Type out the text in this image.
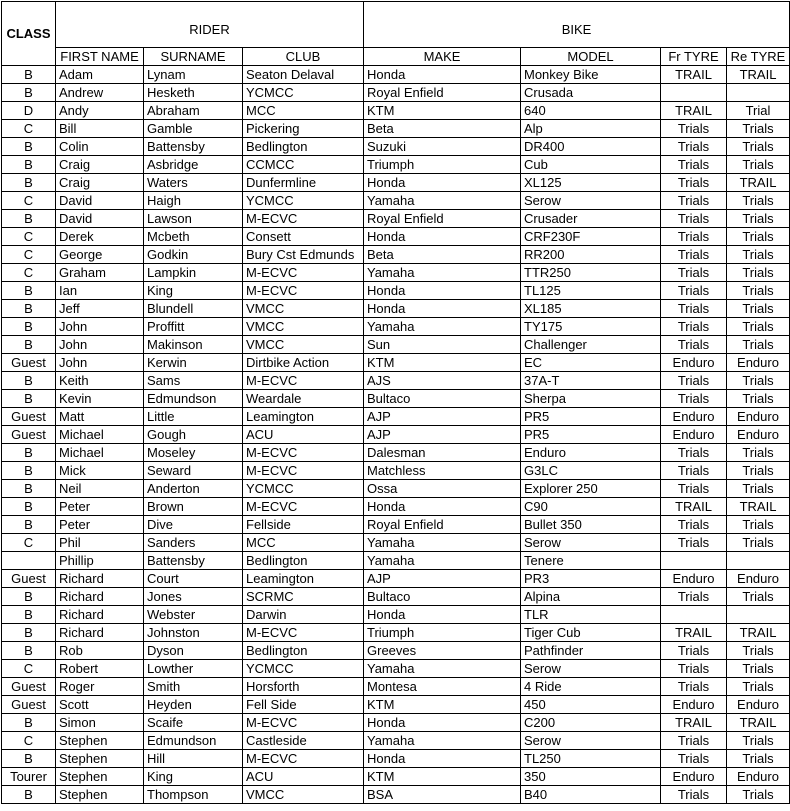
CLASS	RIDER			BIKE			
	FIRST NAME	SURNAME	CLUB	MAKE	MODEL	Fr TYRE	Re TYRE
B	Adam	Lynam	Seaton Delaval	Honda	Monkey Bike	TRAIL	TRAIL
B	Andrew	Hesketh	YCMCC	Royal Enfield	Crusada		
D	Andy	Abraham	MCC	KTM	640	TRAIL	Trial
C	Bill	Gamble	Pickering	Beta	Alp	Trials	Trials
B	Colin	Battensby	Bedlington	Suzuki	DR400	Trials	Trials
B	Craig	Asbridge	CCMCC	Triumph	Cub	Trials	Trials
B	Craig	Waters	Dunfermline	Honda	XL125	Trials	TRAIL
C	David	Haigh	YCMCC	Yamaha	Serow	Trials	Trials
B	David	Lawson	M-ECVC	Royal Enfield	Crusader	Trials	Trials
C	Derek	Mcbeth	Consett	Honda	CRF230F	Trials	Trials
C	George	Godkin	Bury Cst Edmunds	Beta	RR200	Trials	Trials
C	Graham	Lampkin	M-ECVC	Yamaha	TTR250	Trials	Trials
B	Ian	King	M-ECVC	Honda	TL125	Trials	Trials
B	Jeff	Blundell	VMCC	Honda	XL185	Trials	Trials
B	John	Proffitt	VMCC	Yamaha	TY175	Trials	Trials
B	John	Makinson	VMCC	Sun	Challenger	Trials	Trials
Guest	John	Kerwin	Dirtbike Action	KTM	EC	Enduro	Enduro
B	Keith	Sams	M-ECVC	AJS	37A-T	Trials	Trials
B	Kevin	Edmundson	Weardale	Bultaco	Sherpa	Trials	Trials
Guest	Matt	Little	Leamington	AJP	PR5	Enduro	Enduro
Guest	Michael	Gough	ACU	AJP	PR5	Enduro	Enduro
B	Michael	Moseley	M-ECVC	Dalesman	Enduro	Trials	Trials
B	Mick	Seward	M-ECVC	Matchless	G3LC	Trials	Trials
B	Neil	Anderton	YCMCC	Ossa	Explorer 250	Trials	Trials
B	Peter	Brown	M-ECVC	Honda	C90	TRAIL	TRAIL
B	Peter	Dive	Fellside	Royal Enfield	Bullet 350	Trials	Trials
C	Phil	Sanders	MCC	Yamaha	Serow	Trials	Trials
	Phillip	Battensby	Bedlington	Yamaha	Tenere		
Guest	Richard	Court	Leamington	AJP	PR3	Enduro	Enduro
B	Richard	Jones	SCRMC	Bultaco	Alpina	Trials	Trials
B	Richard	Webster	Darwin	Honda	TLR		
B	Richard	Johnston	M-ECVC	Triumph	Tiger Cub	TRAIL	TRAIL
B	Rob	Dyson	Bedlington	Greeves	Pathfinder	Trials	Trials
C	Robert	Lowther	YCMCC	Yamaha	Serow	Trials	Trials
Guest	Roger	Smith	Horsforth	Montesa	4 Ride	Trials	Trials
Guest	Scott	Heyden	Fell Side	KTM	450	Enduro	Enduro
B	Simon	Scaife	M-ECVC	Honda	C200	TRAIL	TRAIL
C	Stephen	Edmundson	Castleside	Yamaha	Serow	Trials	Trials
B	Stephen	Hill	M-ECVC	Honda	TL250	Trials	Trials
Tourer	Stephen	King	ACU	KTM	350	Enduro	Enduro
B	Stephen	Thompson	VMCC	BSA	B40	Trials	Trials
